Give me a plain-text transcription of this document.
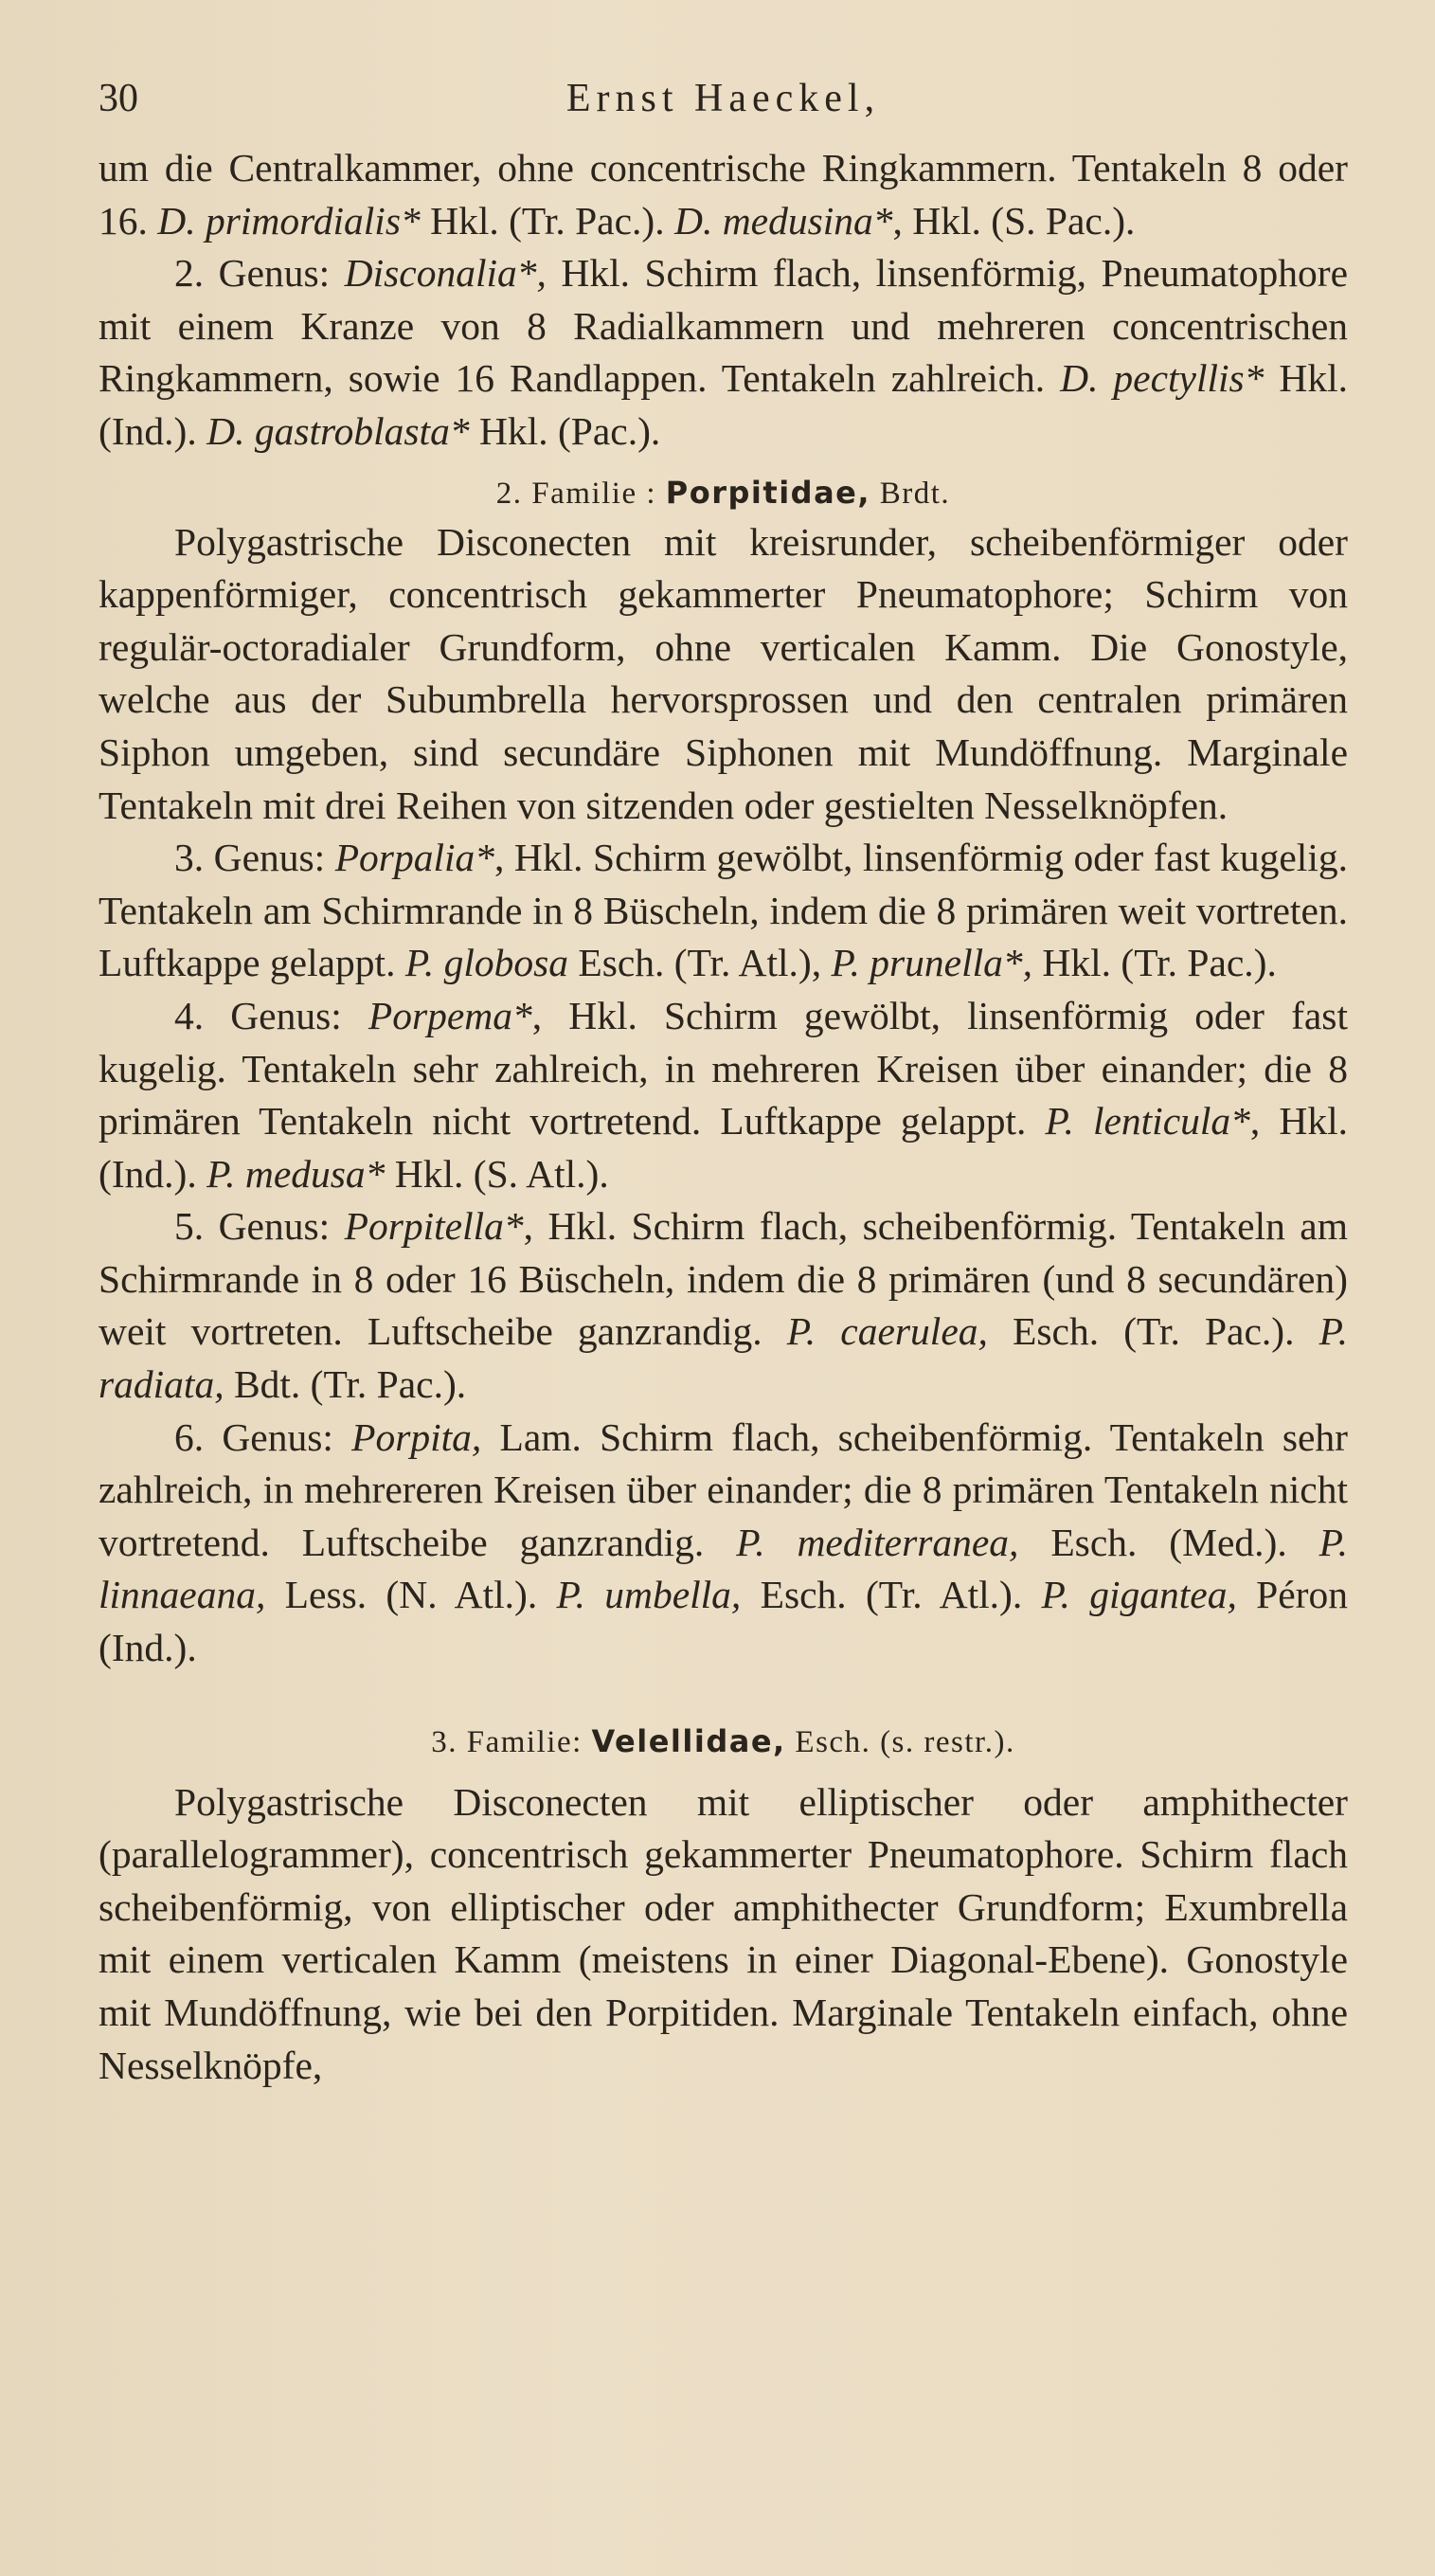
30	Ernst Haeckel,

um die Centralkammer, ohne concentrische Ringkammern. Tentakeln 8 oder 16. D. primordialis* Hkl. (Tr. Pac.). D. medusina*, Hkl. (S. Pac.).

2. Genus: Disconalia*, Hkl. Schirm flach, linsenförmig, Pneumatophore mit einem Kranze von 8 Radialkammern und mehreren concentrischen Ringkammern, sowie 16 Randlappen. Tentakeln zahlreich. D. pectyllis* Hkl. (Ind.). D. gastroblasta* Hkl. (Pac.).

2. Familie : Porpitidae, Brdt.

Polygastrische Disconecten mit kreisrunder, scheibenförmiger oder kappenförmiger, concentrisch gekammerter Pneumatophore; Schirm von regulär-octoradialer Grundform, ohne verticalen Kamm. Die Gonostyle, welche aus der Subumbrella hervorsprossen und den centralen primären Siphon umgeben, sind secundäre Siphonen mit Mundöffnung. Marginale Tentakeln mit drei Reihen von sitzenden oder gestielten Nesselknöpfen.

3. Genus: Porpalia*, Hkl. Schirm gewölbt, linsenförmig oder fast kugelig. Tentakeln am Schirmrande in 8 Büscheln, indem die 8 primären weit vortreten. Luftkappe gelappt. P. globosa Esch. (Tr. Atl.), P. prunella*, Hkl. (Tr. Pac.).

4. Genus: Porpema*, Hkl. Schirm gewölbt, linsenförmig oder fast kugelig. Tentakeln sehr zahlreich, in mehreren Kreisen über einander; die 8 primären Tentakeln nicht vortretend. Luftkappe gelappt. P. lenticula*, Hkl. (Ind.). P. medusa* Hkl. (S. Atl.).

5. Genus: Porpitella*, Hkl. Schirm flach, scheibenförmig. Tentakeln am Schirmrande in 8 oder 16 Büscheln, indem die 8 primären (und 8 secundären) weit vortreten. Luftscheibe ganzrandig. P. caerulea, Esch. (Tr. Pac.). P. radiata, Bdt. (Tr. Pac.).

6. Genus: Porpita, Lam. Schirm flach, scheibenförmig. Tentakeln sehr zahlreich, in mehrereren Kreisen über einander; die 8 primären Tentakeln nicht vortretend. Luftscheibe ganzrandig. P. mediterranea, Esch. (Med.). P. linnaeana, Less. (N. Atl.). P. umbella, Esch. (Tr. Atl.). P. gigantea, Péron (Ind.).

3. Familie: Velellidae, Esch. (s. restr.).

Polygastrische Disconecten mit elliptischer oder amphithecter (parallelogrammer), concentrisch gekammerter Pneumatophore. Schirm flach scheibenförmig, von elliptischer oder amphithecter Grundform; Exumbrella mit einem verticalen Kamm (meistens in einer Diagonal-Ebene). Gonostyle mit Mundöffnung, wie bei den Porpitiden. Marginale Tentakeln einfach, ohne Nesselknöpfe,
